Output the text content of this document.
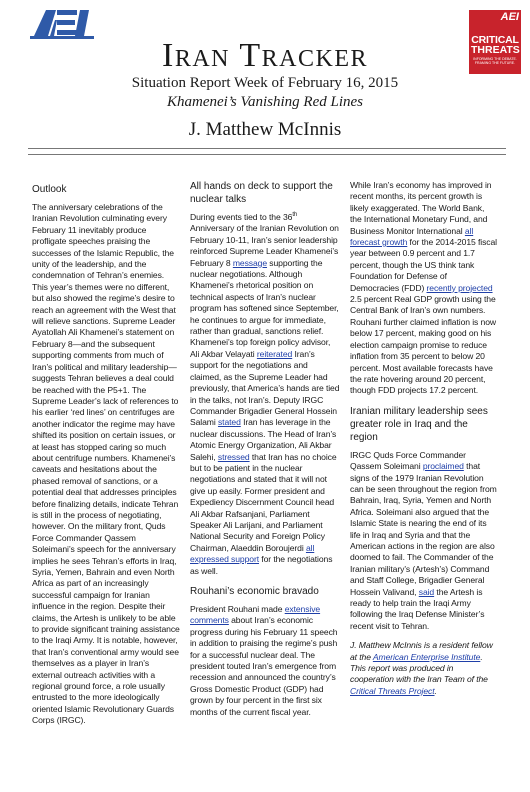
AEI
AEI
CRITICAL
THREATS
INFORMING THE DEBATE. FRAMING THE FUTURE.
Iran Tracker
Situation Report Week of February 16, 2015
Khamenei’s Vanishing Red Lines
J. Matthew McInnis
Outlook

The anniversary celebrations of the Iranian Revolution culminating every February 11 inevitably produce profligate speeches praising the successes of the Islamic Republic, the unity of the leadership, and the condemnation of Tehran’s enemies. This year’s themes were no different, but also showed the regime’s desire to reach an agreement with the West that will relieve sanctions. Supreme Leader Ayatollah Ali Khamenei’s statement on February 8—and the subsequent supporting comments from much of Iran’s political and military leadership—suggests Tehran believes a deal could be reached with the P5+1. The Supreme Leader’s lack of references to his earlier ‘red lines’ on centrifuges are another indicator the regime may have shifted its position on certain issues, or at least has stopped caring so much about centrifuge numbers. Khamenei’s caveats and hesitations about the phased removal of sanctions, or a potential deal that addresses principles before finalizing details, indicate Tehran is still in the process of negotiating, however. On the military front, Quds Force Commander Qassem Soleimani’s speech for the anniversary implies he sees Tehran’s efforts in Iraq, Syria, Yemen, Bahrain and even North Africa as part of an increasingly successful campaign for Iranian influence in the region. Despite their claims, the Artesh is unlikely to be able to provide significant training assistance to the Iraqi Army. It is notable, however, that Iran’s conventional army would see themselves as a player in Iran’s external outreach activities with a regional ground force, a role usually entrusted to the more ideologically oriented Islamic Revolutionary Guards Corps (IRGC).

All hands on deck to support the nuclear talks

During events tied to the 36th Anniversary of the Iranian Revolution on February 10-11, Iran’s senior leadership reinforced Supreme Leader Khamenei’s February 8 message supporting the nuclear negotiations. Although Khamenei’s rhetorical position on technical aspects of Iran’s nuclear program has softened since September, he continues to argue for immediate, rather than gradual, sanctions relief. Khamenei’s top foreign policy advisor, Ali Akbar Velayati reiterated Iran’s support for the negotiations and claimed, as the Supreme Leader had previously, that America’s hands are tied in the talks, not Iran’s. Deputy IRGC Commander Brigadier General Hossein Salami stated Iran has leverage in the nuclear discussions. The Head of Iran’s Atomic Energy Organization, Ali Akbar Salehi, stressed that Iran has no choice but to be patient in the nuclear negotiations and stated that it will not give up easily. Former president and Expediency Discernment Council head Ali Akbar Rafsanjani, Parliament Speaker Ali Larijani, and Parliament National Security and Foreign Policy Chairman, Alaeddin Boroujerdi all expressed support for the negotiations as well.

Rouhani’s economic bravado

President Rouhani made extensive comments about Iran’s economic progress during his February 11 speech in addition to praising the regime’s push for a successful nuclear deal. The president touted Iran’s emergence from recession and announced the country’s Gross Domestic Product (GDP) had grown by four percent in the first six months of the current fiscal year.

While Iran’s economy has improved in recent months, its percent growth is likely exaggerated. The World Bank, the International Monetary Fund, and Business Monitor International all forecast growth for the 2014-2015 fiscal year between 0.9 percent and 1.7 percent, though the US think tank Foundation for Defense of Democracies (FDD) recently projected 2.5 percent Real GDP growth using the Central Bank of Iran’s own numbers. Rouhani further claimed inflation is now below 17 percent, making good on his election campaign promise to reduce inflation from 35 percent to below 20 percent. Most available forecasts have the rate hovering around 20 percent, though FDD projects 17.2 percent.

Iranian military leadership sees greater role in Iraq and the region

IRGC Quds Force Commander Qassem Soleimani proclaimed that signs of the 1979 Iranian Revolution can be seen throughout the region from Bahrain, Iraq, Syria, Yemen and North Africa. Soleimani also argued that the Islamic State is nearing the end of its life in Iraq and Syria and that the American actions in the region are also doomed to fail. The Commander of the Iranian military’s (Artesh’s) Command and Staff College, Brigadier General Hossein Valivand, said the Artesh is ready to help train the Iraqi Army following the Iraq Defense Minister’s recent visit to Tehran.

J. Matthew McInnis is a resident fellow at the American Enterprise Institute. This report was produced in cooperation with the Iran Team of the Critical Threats Project.
